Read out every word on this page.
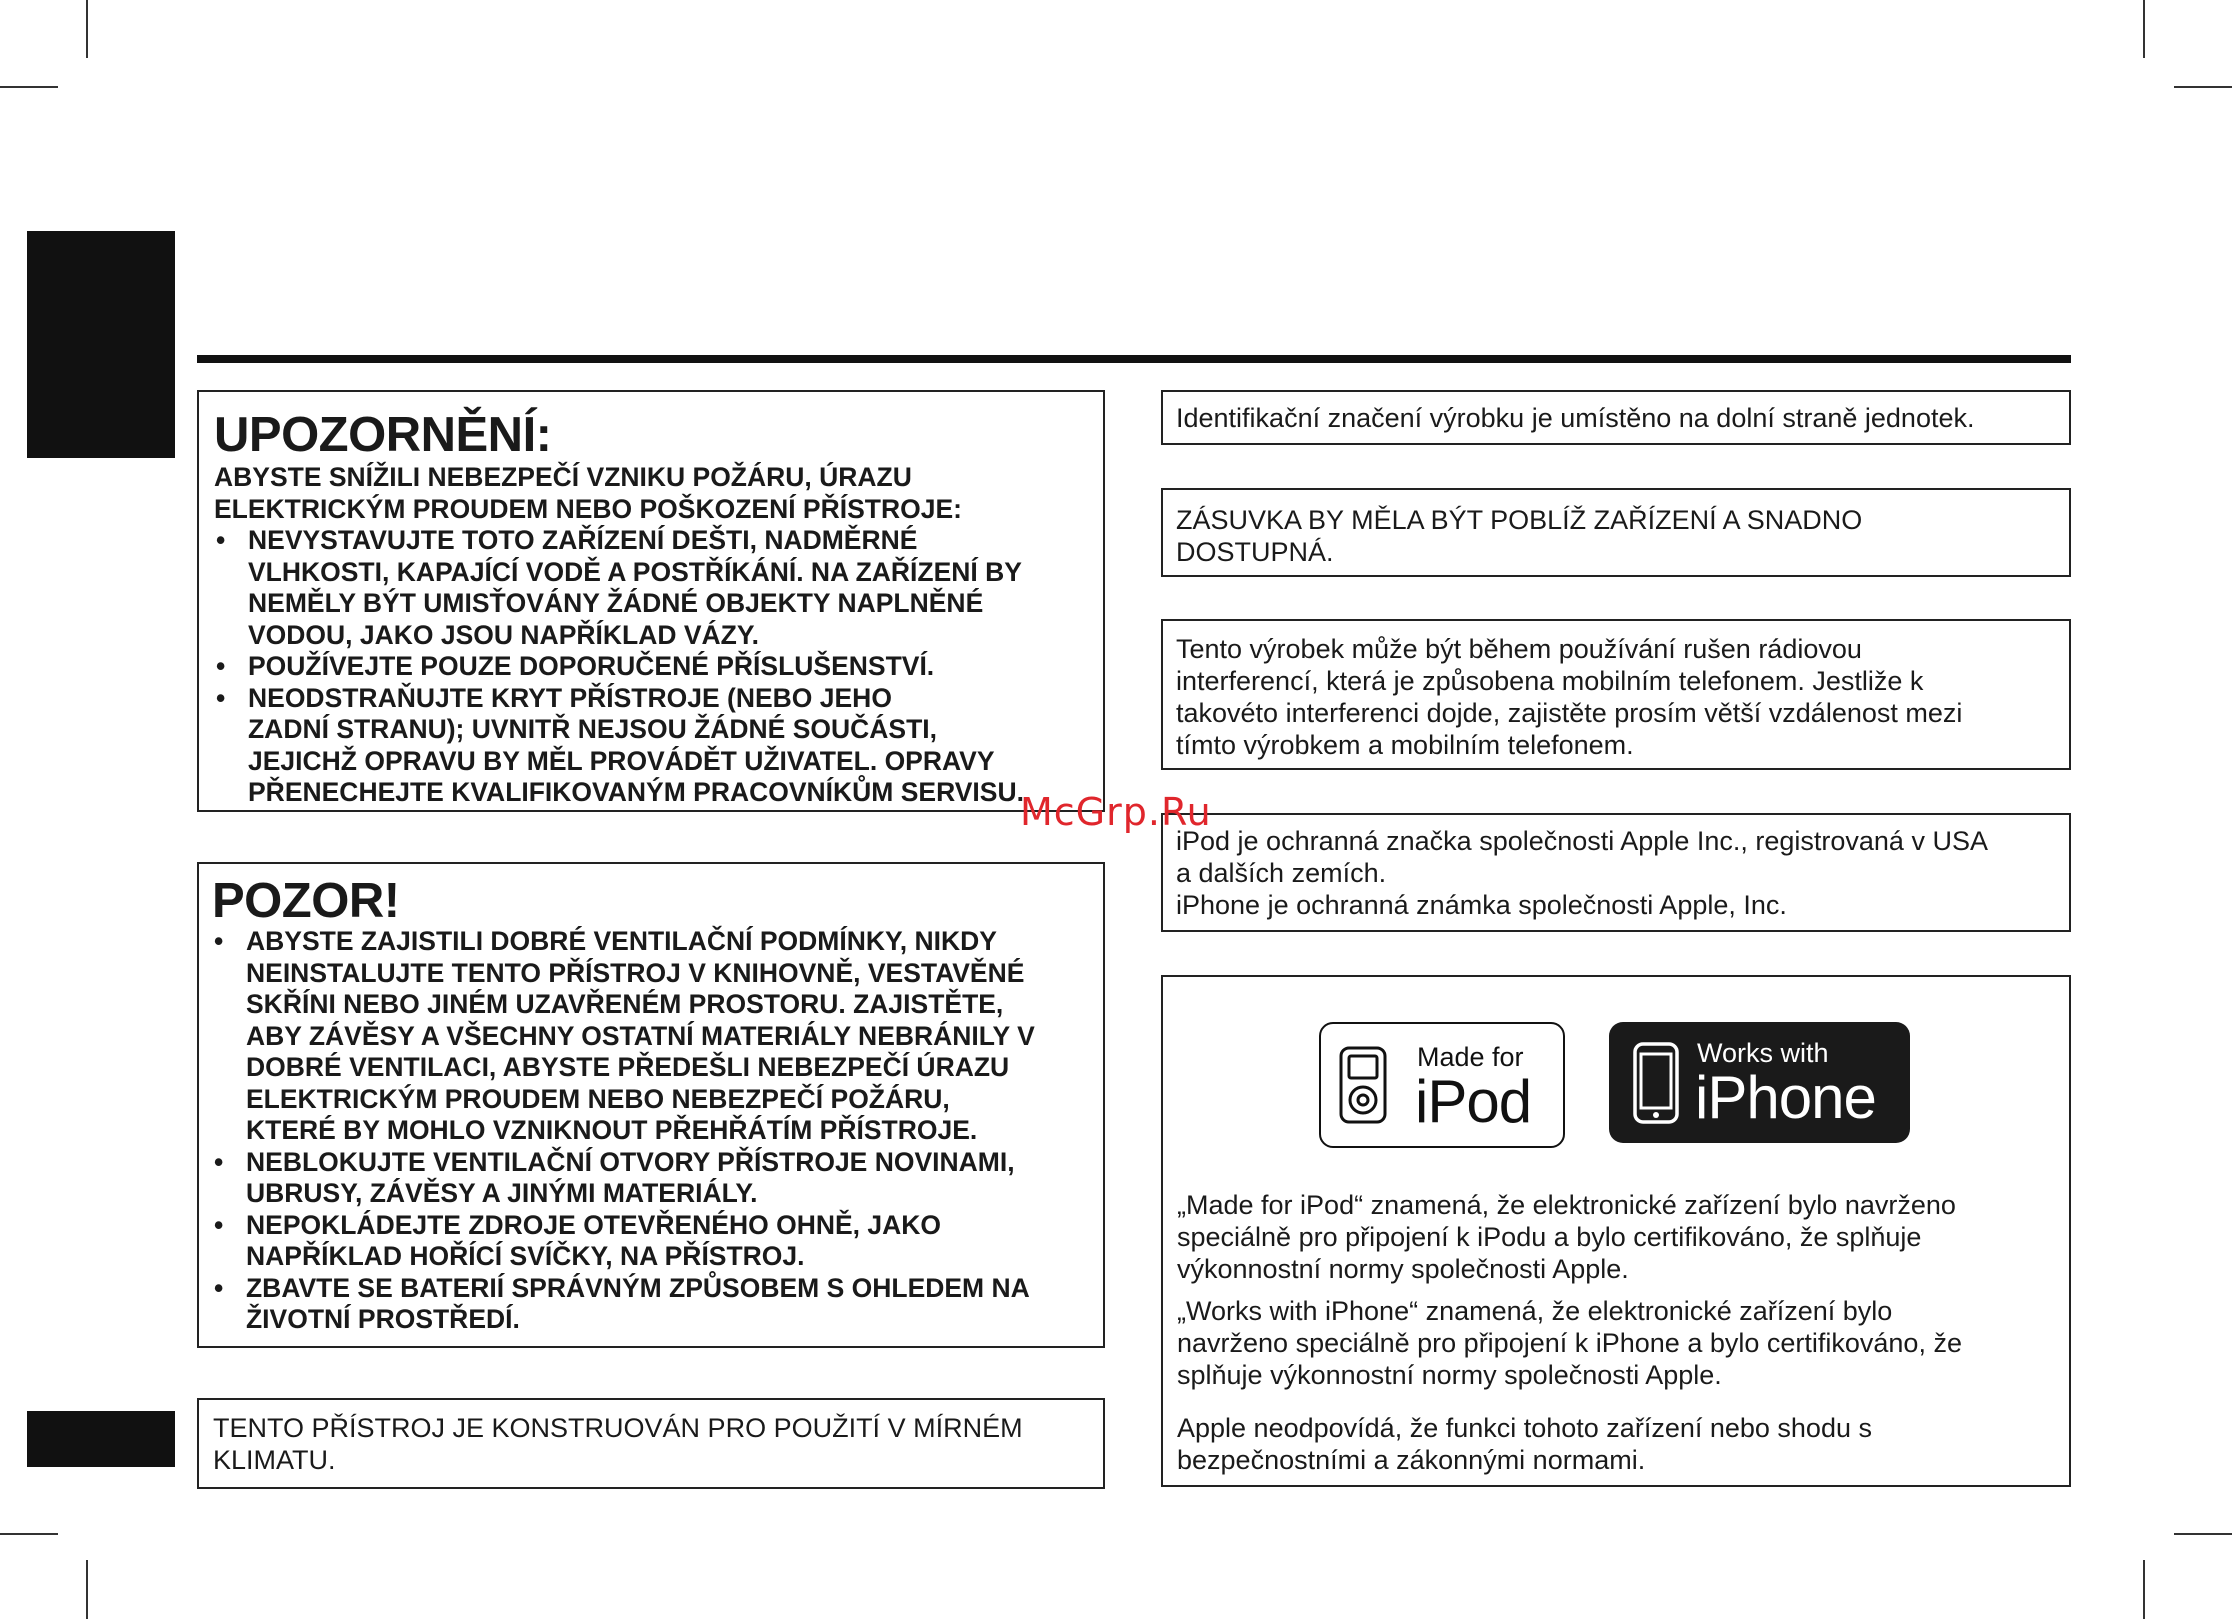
UPOZORNĚNÍ:
ABYSTE SNÍŽILI NEBEZPEČÍ VZNIKU POŽÁRU, ÚRAZU
ELEKTRICKÝM PROUDEM NEBO POŠKOZENÍ PŘÍSTROJE:
• NEVYSTAVUJTE TOTO ZAŘÍZENÍ DEŠTI, NADMĚRNÉ
VLHKOSTI, KAPAJÍCÍ VODĚ A POSTŘÍKÁNÍ. NA ZAŘÍZENÍ BY
NEMĚLY BÝT UMISŤOVÁNY ŽÁDNÉ OBJEKTY NAPLNĚNÉ
VODOU, JAKO JSOU NAPŘÍKLAD VÁZY.
• POUŽÍVEJTE POUZE DOPORUČENÉ PŘÍSLUŠENSTVÍ.
• NEODSTRAŇUJTE KRYT PŘÍSTROJE (NEBO JEHO
ZADNÍ STRANU); UVNITŘ NEJSOU ŽÁDNÉ SOUČÁSTI,
JEJICHŽ OPRAVU BY MĚL PROVÁDĚT UŽIVATEL. OPRAVY
PŘENECHEJTE KVALIFIKOVANÝM PRACOVNÍKŮM SERVISU.
POZOR!
• ABYSTE ZAJISTILI DOBRÉ VENTILAČNÍ PODMÍNKY, NIKDY
NEINSTALUJTE TENTO PŘÍSTROJ V KNIHOVNĚ, VESTAVĚNÉ
SKŘÍNI NEBO JINÉM UZAVŘENÉM PROSTORU. ZAJISTĚTE,
ABY ZÁVĚSY A VŠECHNY OSTATNÍ MATERIÁLY NEBRÁNILY V
DOBRÉ VENTILACI, ABYSTE PŘEDEŠLI NEBEZPEČÍ ÚRAZU
ELEKTRICKÝM PROUDEM NEBO NEBEZPEČÍ POŽÁRU,
KTERÉ BY MOHLO VZNIKNOUT PŘEHŘÁTÍM PŘÍSTROJE.
• NEBLOKUJTE VENTILAČNÍ OTVORY PŘÍSTROJE NOVINAMI,
UBRUSY, ZÁVĚSY A JINÝMI MATERIÁLY.
• NEPOKLÁDEJTE ZDROJE OTEVŘENÉHO OHNĚ, JAKO
NAPŘÍKLAD HOŘÍCÍ SVÍČKY, NA PŘÍSTROJ.
• ZBAVTE SE BATERIÍ SPRÁVNÝM ZPŮSOBEM S OHLEDEM NA
ŽIVOTNÍ PROSTŘEDÍ.
TENTO PŘÍSTROJ JE KONSTRUOVÁN PRO POUŽITÍ V MÍRNÉM
KLIMATU.
Identifikační značení výrobku je umístěno na dolní straně jednotek.
ZÁSUVKA BY MĚLA BÝT POBLÍŽ ZAŘÍZENÍ A SNADNO
DOSTUPNÁ.
Tento výrobek může být během používání rušen rádiovou
interferencí, která je způsobena mobilním telefonem. Jestliže k
takovéto interferenci dojde, zajistěte prosím větší vzdálenost mezi
tímto výrobkem a mobilním telefonem.
iPod je ochranná značka společnosti Apple Inc., registrovaná v USA
a dalších zemích.
iPhone je ochranná známka společnosti Apple, Inc.
Made for
iPod
Works with
iPhone
„Made for iPod“ znamená, že elektronické zařízení bylo navrženo
speciálně pro připojení k iPodu a bylo certifikováno, že splňuje
výkonnostní normy společnosti Apple.
„Works with iPhone“ znamená, že elektronické zařízení bylo
navrženo speciálně pro připojení k iPhone a bylo certifikováno, že
splňuje výkonnostní normy společnosti Apple.
Apple neodpovídá, že funkci tohoto zařízení nebo shodu s
bezpečnostními a zákonnými normami.
McGrp.Ru
